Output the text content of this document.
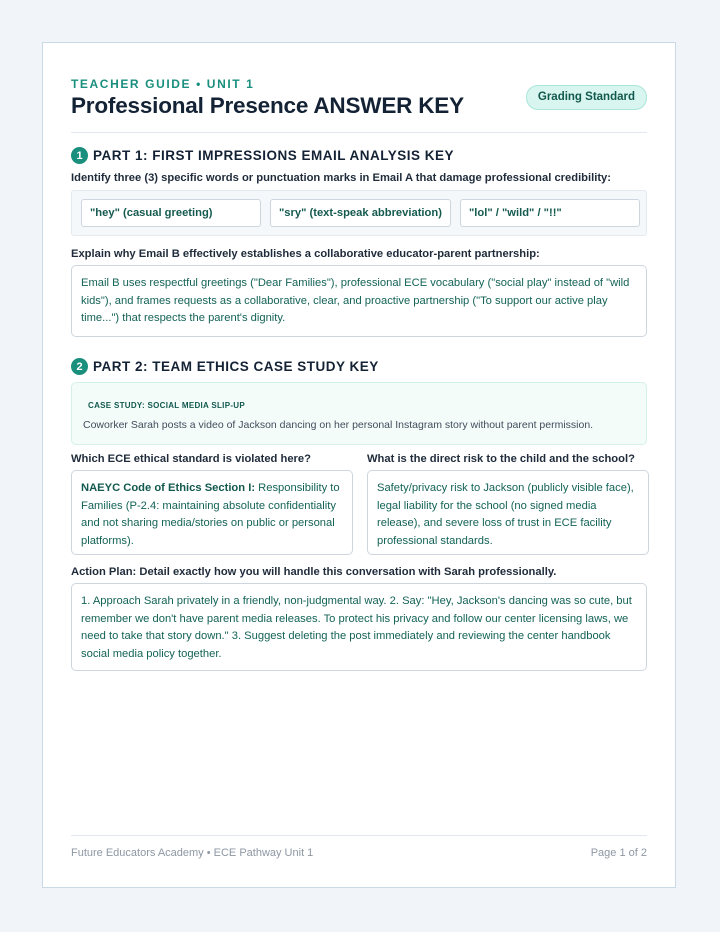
TEACHER GUIDE • UNIT 1
Professional Presence ANSWER KEY	Grading Standard
1 PART 1: FIRST IMPRESSIONS EMAIL ANALYSIS KEY
Identify three (3) specific words or punctuation marks in Email A that damage professional credibility:
"hey" (casual greeting)	"sry" (text-speak abbreviation)	"lol" / "wild" / "!!"
Explain why Email B effectively establishes a collaborative educator-parent partnership:
Email B uses respectful greetings ("Dear Families"), professional ECE vocabulary ("social play" instead of "wild kids"), and frames requests as a collaborative, clear, and proactive partnership ("To support our active play time...") that respects the parent's dignity.
2 PART 2: TEAM ETHICS CASE STUDY KEY
CASE STUDY: SOCIAL MEDIA SLIP-UP
Coworker Sarah posts a video of Jackson dancing on her personal Instagram story without parent permission.
Which ECE ethical standard is violated here?	What is the direct risk to the child and the school?
NAEYC Code of Ethics Section I: Responsibility to Families (P-2.4: maintaining absolute confidentiality and not sharing media/stories on public or personal platforms).
Safety/privacy risk to Jackson (publicly visible face), legal liability for the school (no signed media release), and severe loss of trust in ECE facility professional standards.
Action Plan: Detail exactly how you will handle this conversation with Sarah professionally.
1. Approach Sarah privately in a friendly, non-judgmental way. 2. Say: "Hey, Jackson's dancing was so cute, but remember we don't have parent media releases. To protect his privacy and follow our center licensing laws, we need to take that story down." 3. Suggest deleting the post immediately and reviewing the center handbook social media policy together.
Future Educators Academy • ECE Pathway Unit 1	Page 1 of 2
